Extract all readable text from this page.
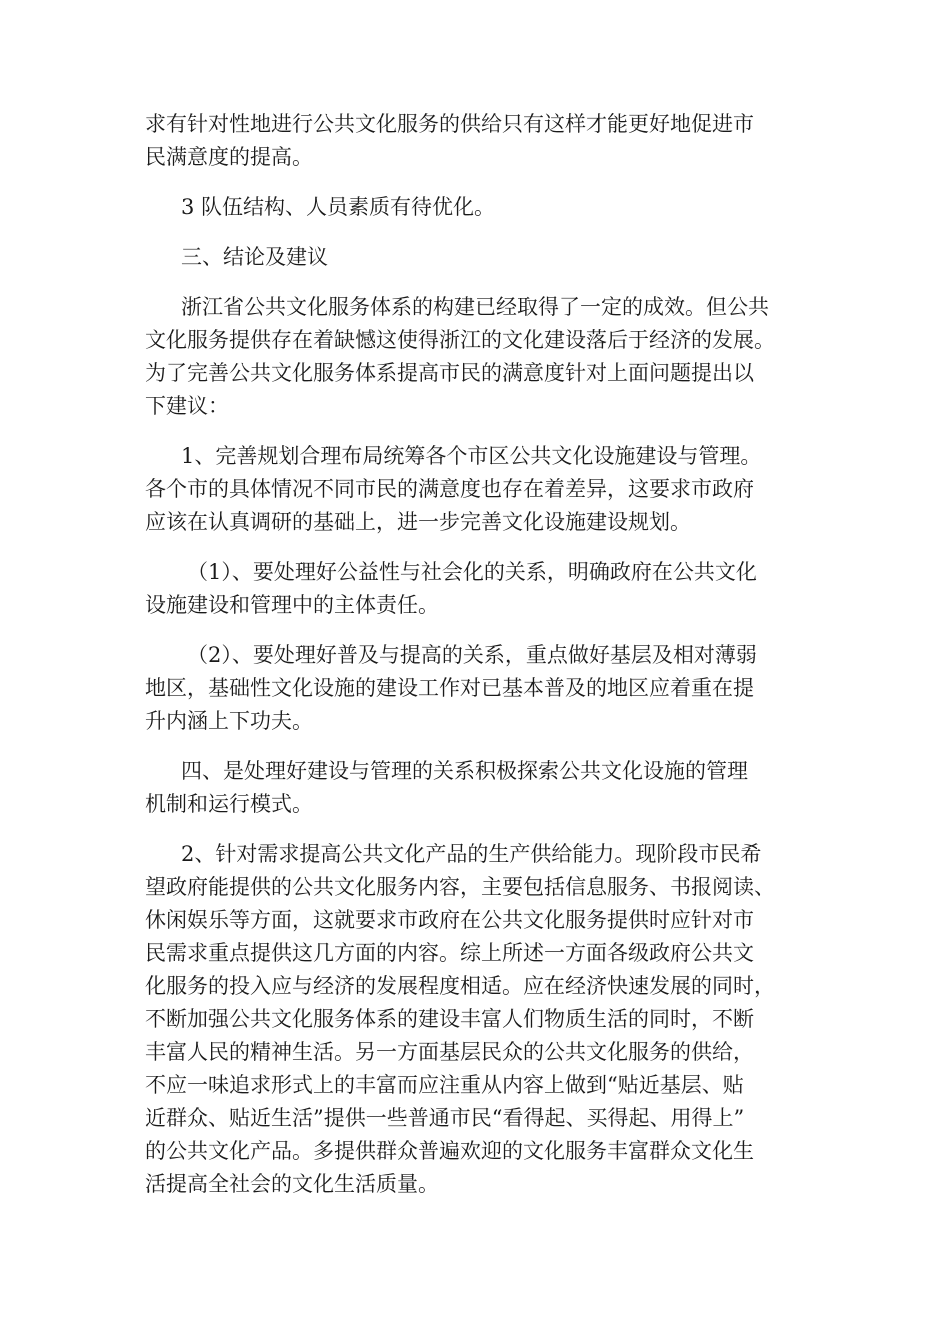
求有针对性地进行公共文化服务的供给只有这样才能更好地促进市
民满意度的提高。
3 队伍结构、人员素质有待优化。
三、结论及建议
浙江省公共文化服务体系的构建已经取得了一定的成效。但公共
文化服务提供存在着缺憾这使得浙江的文化建设落后于经济的发展。
为了完善公共文化服务体系提高市民的满意度针对上面问题提出以
下建议：
1、完善规划合理布局统筹各个市区公共文化设施建设与管理。
各个市的具体情况不同市民的满意度也存在着差异，这要求市政府
应该在认真调研的基础上，进一步完善文化设施建设规划。
（1）、要处理好公益性与社会化的关系，明确政府在公共文化
设施建设和管理中的主体责任。
（2）、要处理好普及与提高的关系，重点做好基层及相对薄弱
地区，基础性文化设施的建设工作对已基本普及的地区应着重在提
升内涵上下功夫。
四、是处理好建设与管理的关系积极探索公共文化设施的管理
机制和运行模式。
2、针对需求提高公共文化产品的生产供给能力。现阶段市民希
望政府能提供的公共文化服务内容，主要包括信息服务、书报阅读、
休闲娱乐等方面，这就要求市政府在公共文化服务提供时应针对市
民需求重点提供这几方面的内容。综上所述一方面各级政府公共文
化服务的投入应与经济的发展程度相适。应在经济快速发展的同时，
不断加强公共文化服务体系的建设丰富人们物质生活的同时，不断
丰富人民的精神生活。另一方面基层民众的公共文化服务的供给，
不应一味追求形式上的丰富而应注重从内容上做到“贴近基层、贴
近群众、贴近生活”提供一些普通市民“看得起、买得起、用得上”
的公共文化产品。多提供群众普遍欢迎的文化服务丰富群众文化生
活提高全社会的文化生活质量。
